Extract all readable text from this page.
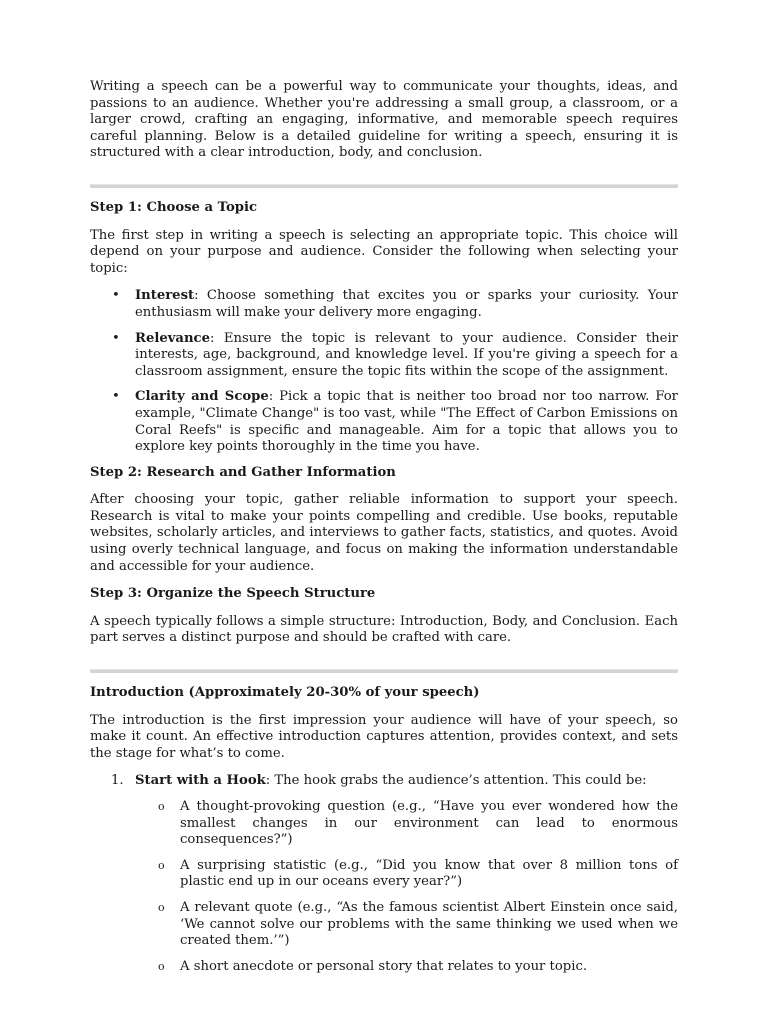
Writing a speech can be a powerful way to communicate your thoughts, ideas, and passions to an audience. Whether you're addressing a small group, a classroom, or a larger crowd, crafting an engaging, informative, and memorable speech requires careful planning. Below is a detailed guideline for writing a speech, ensuring it is structured with a clear introduction, body, and conclusion.

Step 1: Choose a Topic

The first step in writing a speech is selecting an appropriate topic. This choice will depend on your purpose and audience. Consider the following when selecting your topic:

• Interest: Choose something that excites you or sparks your curiosity. Your enthusiasm will make your delivery more engaging.
• Relevance: Ensure the topic is relevant to your audience. Consider their interests, age, background, and knowledge level. If you're giving a speech for a classroom assignment, ensure the topic fits within the scope of the assignment.
• Clarity and Scope: Pick a topic that is neither too broad nor too narrow. For example, "Climate Change" is too vast, while "The Effect of Carbon Emissions on Coral Reefs" is specific and manageable. Aim for a topic that allows you to explore key points thoroughly in the time you have.
Step 2: Research and Gather Information

After choosing your topic, gather reliable information to support your speech. Research is vital to make your points compelling and credible. Use books, reputable websites, scholarly articles, and interviews to gather facts, statistics, and quotes. Avoid using overly technical language, and focus on making the information understandable and accessible for your audience.

Step 3: Organize the Speech Structure

A speech typically follows a simple structure: Introduction, Body, and Conclusion. Each part serves a distinct purpose and should be crafted with care.

Introduction (Approximately 20-30% of your speech)

The introduction is the first impression your audience will have of your speech, so make it count. An effective introduction captures attention, provides context, and sets the stage for what’s to come.

1. Start with a Hook: The hook grabs the audience’s attention. This could be:
o A thought-provoking question (e.g., “Have you ever wondered how the smallest changes in our environment can lead to enormous consequences?”)
o A surprising statistic (e.g., “Did you know that over 8 million tons of plastic end up in our oceans every year?”)
o A relevant quote (e.g., “As the famous scientist Albert Einstein once said, ‘We cannot solve our problems with the same thinking we used when we created them.’”)
o A short anecdote or personal story that relates to your topic.
